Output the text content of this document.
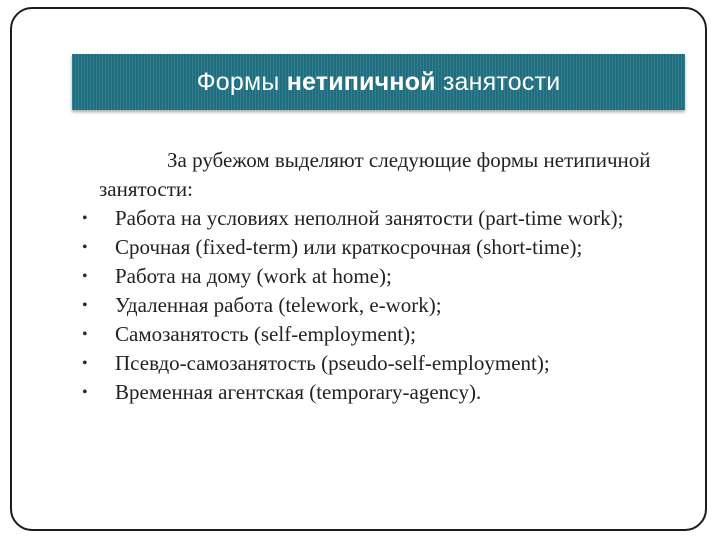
Формы нетипичной занятости

За рубежом выделяют следующие формы нетипичной занятости:

• Работа на условиях неполной занятости (part-time work);
• Срочная (fixed-term) или краткосрочная (short-time);
• Работа на дому (work at home);
• Удаленная работа (telework, e-work);
• Самозанятость (self-employment);
• Псевдо-самозанятость (pseudo-self-employment);
• Временная агентская (temporary-agency).
